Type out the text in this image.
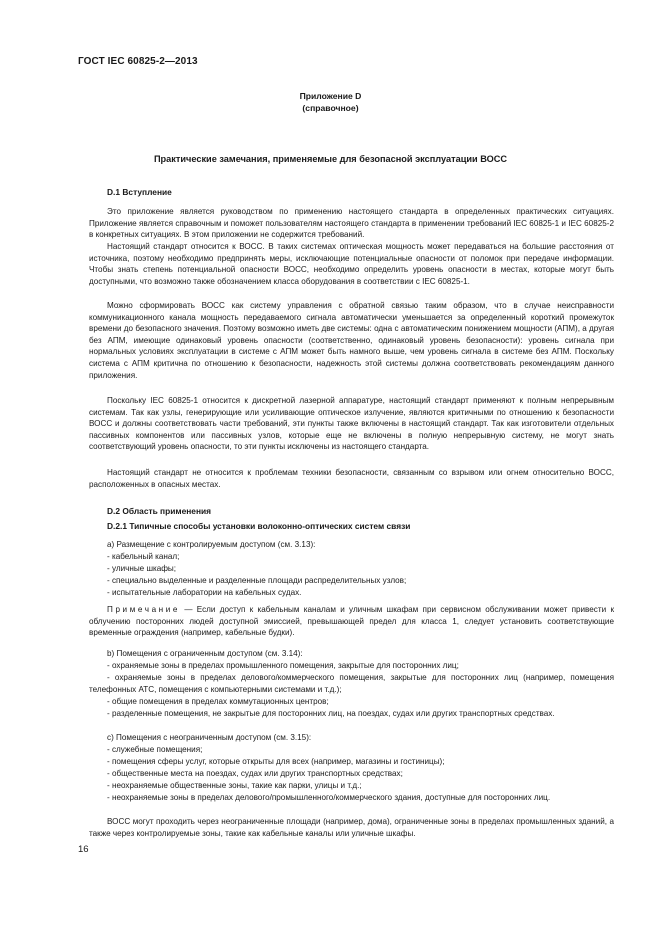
ГОСТ IEC 60825-2—2013

Приложение D

(справочное)

Практические замечания, применяемые для безопасной эксплуатации ВОСС

D.1 Вступление

Это приложение является руководством по применению настоящего стандарта в определенных практических ситуациях. Приложение является справочным и поможет пользователям настоящего стандарта в применении требований IEC 60825-1 и IEC 60825-2 в конкретных ситуациях. В этом приложении не содержится требований.

Настоящий стандарт относится к ВОСС. В таких системах оптическая мощность может передаваться на большие расстояния от источника, поэтому необходимо предпринять меры, исключающие потенциальные опасности от поломок при передаче информации. Чтобы знать степень потенциальной опасности ВОСС, необходимо определить уровень опасности в местах, которые могут быть доступными, что возможно также обозначением класса оборудования в соответствии с IEC 60825-1.

Можно сформировать ВОСС как систему управления с обратной связью таким образом, что в случае неисправности коммуникационного канала мощность передаваемого сигнала автоматически уменьшается за определенный короткий промежуток времени до безопасного значения. Поэтому возможно иметь две системы: одна с автоматическим понижением мощности (АПМ), а другая без АПМ, имеющие одинаковый уровень опасности (соответственно, одинаковый уровень безопасности): уровень сигнала при нормальных условиях эксплуатации в системе с АПМ может быть намного выше, чем уровень сигнала в системе без АПМ. Поскольку система с АПМ критична по отношению к безопасности, надежность этой системы должна соответствовать рекомендациям данного приложения.

Поскольку IEC 60825-1 относится к дискретной лазерной аппаратуре, настоящий стандарт применяют к полным непрерывным системам. Так как узлы, генерирующие или усиливающие оптическое излучение, являются критичными по отношению к безопасности ВОСС и должны соответствовать части требований, эти пункты также включены в настоящий стандарт. Так как изготовители отдельных пассивных компонентов или пассивных узлов, которые еще не включены в полную непрерывную систему, не могут знать соответствующий уровень опасности, то эти пункты исключены из настоящего стандарта.

Настоящий стандарт не относится к проблемам техники безопасности, связанным со взрывом или огнем относительно ВОСС, расположенных в опасных местах.

D.2 Область применения

D.2.1 Типичные способы установки волоконно-оптических систем связи

а) Размещение с контролируемым доступом (см. 3.13):

- кабельный канал;

- уличные шкафы;

- специально выделенные и разделенные площади распределительных узлов;

- испытательные лаборатории на кабельных судах.

Примечание — Если доступ к кабельным каналам и уличным шкафам при сервисном обслуживании может привести к облучению посторонних людей доступной эмиссией, превышающей предел для класса 1, следует установить соответствующие временные ограждения (например, кабельные будки).

b) Помещения с ограниченным доступом (см. 3.14):

- охраняемые зоны в пределах промышленного помещения, закрытые для посторонних лиц;

- охраняемые зоны в пределах делового/коммерческого помещения, закрытые для посторонних лиц (например, помещения телефонных АТС, помещения с компьютерными системами и т.д.);

- общие помещения в пределах коммутационных центров;

- разделенные помещения, не закрытые для посторонних лиц, на поездах, судах или других транспортных средствах.

с) Помещения с неограниченным доступом (см. 3.15):

- служебные помещения;

- помещения сферы услуг, которые открыты для всех (например, магазины и гостиницы);

- общественные места на поездах, судах или других транспортных средствах;

- неохраняемые общественные зоны, такие как парки, улицы и т.д.;

- неохраняемые зоны в пределах делового/промышленного/коммерческого здания, доступные для посторонних лиц.

ВОСС могут проходить через неограниченные площади (например, дома), ограниченные зоны в пределах промышленных зданий, а также через контролируемые зоны, такие как кабельные каналы или уличные шкафы.

16
